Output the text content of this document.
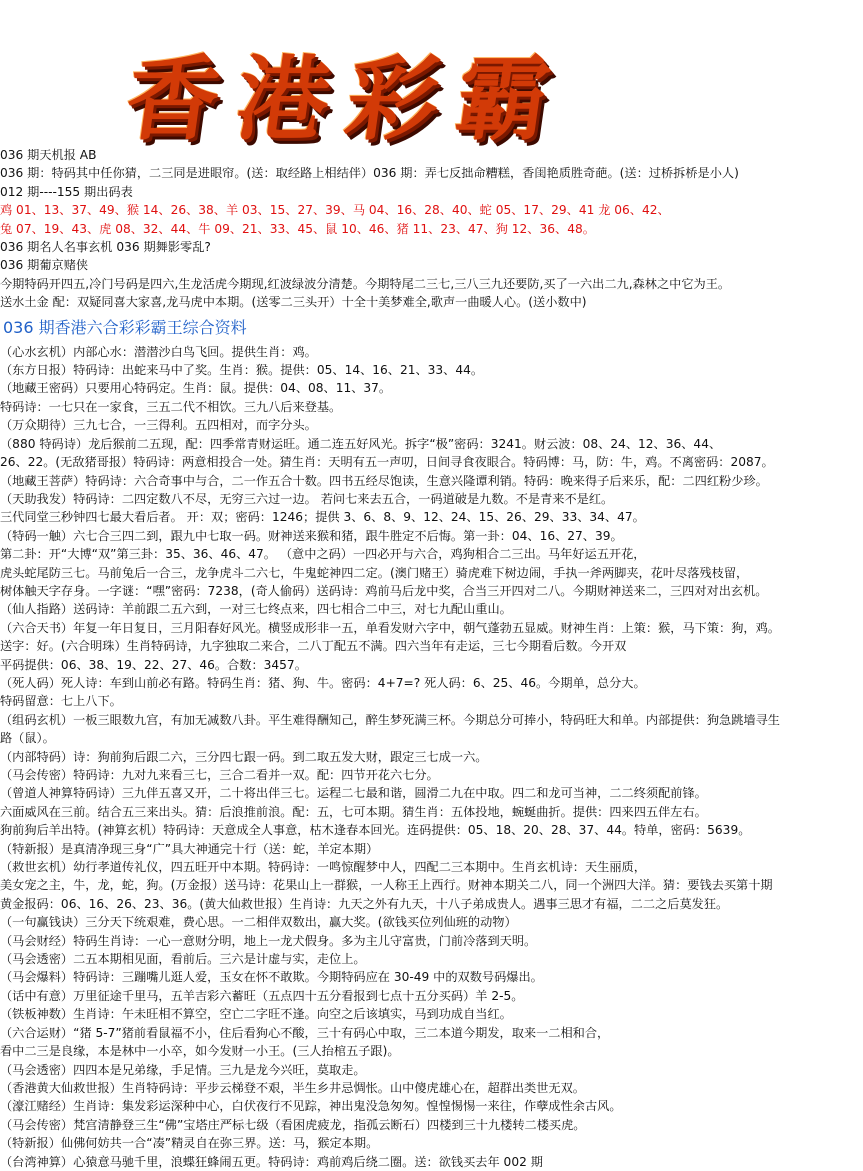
香 港 彩 霸
036 期天机报 AB
036 期：特码其中任你猜，二三同是进眼帘。(送：取经路上相结伴）036 期：弄七反拙命糟糕，香闺艳质胜奇葩。(送：过桥拆桥是小人)
012 期----155 期出码表
鸡 01、13、37、49、猴 14、26、38、羊 03、15、27、39、马 04、16、28、40、蛇 05、17、29、41 龙 06、42、
兔 07、19、43、虎 08、32、44、牛 09、21、33、45、鼠 10、46、猪 11、23、47、狗 12、36、48。
036 期名人名事玄机 036 期舞影零乱?
036 期葡京赌侠
今期特码开四五,冷门号码是四六,生龙活虎今期现,红波绿波分清楚。今期特尾二三七,三八三九还要防,买了一六出二九,森林之中它为王。
送水土金 配：双疑同喜大家喜,龙马虎中本期。(送零二三头开）十全十美梦难全,歌声一曲暖人心。(送小数中)
036 期香港六合彩彩霸王综合资料
（心水玄机）内部心水：潜潜沙白鸟飞回。提供生肖：鸡。
（东方日报）特码诗：出蛇来马中了奖。生肖：猴。提供：05、14、16、21、33、44。
（地藏王密码）只要用心特码定。生肖：鼠。提供：04、08、11、37。
特码诗：一七只在一家食，三五二代不相饮。三九八后来登基。
（万众期待）三九七合，一三得利。五四相对，而字分头。
（880 特码诗）龙后猴前二五现，配：四季常青财运旺。通二连五好风光。拆字“极”密码：3241。财云波：08、24、12、36、44、
26、22。(无敌猪哥报）特码诗：两意相投合一处。猜生肖：天明有五一声叨，日间寻食夜眼合。特码博：马，防：牛，鸡。不离密码：2087。
（地藏王菩萨）特码诗：六合奇事中与合，二一作五合十数。四书五经尽饱读，生意兴隆谭利销。特码：晚来得子后来乐，配：二四红粉少珍。
（天助我发）特码诗：二四定数八不尽，无穷三六过一边。 若问七来去五合，一码道破是九数。不是青来不是红。
三代同堂三秒钟四七最大看后者。 开：双；密码：1246；提供 3、6、8、9、12、24、15、26、29、33、34、47。
（特码一触）六七合三四二到，跟九中七取一码。财神送来猴和猪，跟牛胜定不后悔。第一卦：04、16、27、39。
第二卦：开“大博“双”第三卦：35、36、46、47。 （意中之码）一四必开与六合，鸡狗相合二三出。马年好运五开花，
虎头蛇尾防三七。马前兔后一合三，龙争虎斗二六七，牛鬼蛇神四二定。(澳门赌王）骑虎难下树边闹，手执一斧两脚夹，花叶尽落残枝留，
树体触天字存身。一字谜：“嘿”密码：7238，(奇人偷码）送码诗：鸡前马后龙中奖，合当三开四对二八。今期财神送来二，三四对对出玄机。
（仙人指路）送码诗：羊前跟二五六到，一对三七终点来，四七相合二中三，对七九配山重山。
（六合天书）年复一年日复日，三月阳春好风光。横竖成形非一五，单看发财六字中，朝气蓬勃五显威。财神生肖：上策：猴，马下策：狗，鸡。
送字：好。(六合明珠）生肖特码诗，九字独取二来合，二八丁配五不满。四六当年有走运，三七今期看后数。今开双
平码提供：06、38、19、22、27、46。合数：3457。
（死人码）死人诗：车到山前必有路。特码生肖：猪、狗、牛。密码：4+7=? 死人码：6、25、46。今期单，总分大。
特码留意：七上八下。
（组码玄机）一板三眼数九宫，有加无减数八卦。平生难得酬知己，醉生梦死满三杯。今期总分可捧小，特码旺大和单。内部提供：狗急跳墙寻生
路（鼠）。
（内部特码）诗：狗前狗后跟二六，三分四七跟一码。到二取五发大财，跟定三七成一六。
（马会传密）特码诗：九对九来看三七，三合二看并一双。配：四节开花六七分。
（曾道人神算特码诗）三九伴五喜又开，二十将出伴三七。运程二七最和谐，圆滑二九在中取。四二和龙可当神，二二终须配前锋。
六面威风在三前。结合五三来出头。猜：后浪推前浪。配：五，七可本期。猜生肖：五体投地，蜿蜒曲折。提供：四来四五伴左右。
狗前狗后羊出特。(神算玄机）特码诗：天意成全人事意，枯木逢春本回光。连码提供：05、18、20、28、37、44。特单，密码：5639。
（特新报）是真清净现三身“广”具大神通完十行（送：蛇，羊定本期）
（救世玄机）幼行孝道传礼仪，四五旺开中本期。特码诗：一鸣惊醒梦中人，四配二三本期中。生肖玄机诗：天生丽质，
美女宠之主，牛，龙，蛇，狗。(万金报）送马诗：花果山上一群猴，一人称王上西行。财神本期关二八，同一个洲四大洋。猜：要钱去买第十期
黄金报码：06、16、26、23、36。(黄大仙救世报）生肖诗：九天之外有九天，十八子弟成贵人。遇事三思才有福，二二之后莫发狂。
（一句赢钱诀）三分天下统艰难，费心思。一二相伴双数出，赢大奖。(欲钱买位列仙班的动物）
（马会财经）特码生肖诗：一心一意财分明，地上一龙犬假身。多为主儿守富贵，门前冷落到天明。
（马会透密）二五本期相见面，看前后。三六是计虚与实，走位上。
（马会爆料）特码诗：三蹦嘴儿逛人爱，玉女在怀不敢欺。今期特码应在 30-49 中的双数号码爆出。
（话中有意）万里征途千里马，五羊吉彩六蓄旺（五点四十五分看报到七点十五分买码）羊 2-5。
（铁板神数）生肖诗：午未旺相不算空，空亡二字旺不逢。向空之后该填实，马到功成自当红。
（六合运财）“猪 5-7”猪前看鼠福不小，住后看狗心不酸，三十有码心中取，三二本道今期发，取来一二相和合，
看中二三是良缘，本是林中一小卒，如今发财一小王。(三人抬棺五子跟)。
（马会透密）四四本是兄弟缘，手足情。三九是龙今兴旺，莫取走。
（香港黄大仙救世报）生肖特码诗：平步云梯登不艰，半生乡井忌惆怅。山中傻虎雄心在，超群出类世无双。
（濠江赌经）生肖诗：集发彩运深种中心，白伏夜行不见踪，神出鬼没急匆匆。惶惶惕惕一来往，作孽成性余古风。
（马会传密）梵宫清静登三生“佛”宝塔庄严标七级（看困虎疲龙，指孤云断石）四楼到三十九楼转二楼买虎。
（特新报）仙佛何妨共一合“凑”精灵自在弥三界。送：马，猴定本期。
（台湾神算）心猿意马驰千里，浪蝶狂蜂闹五更。特码诗：鸡前鸡后绕二圈。送：欲钱买去年 002 期
